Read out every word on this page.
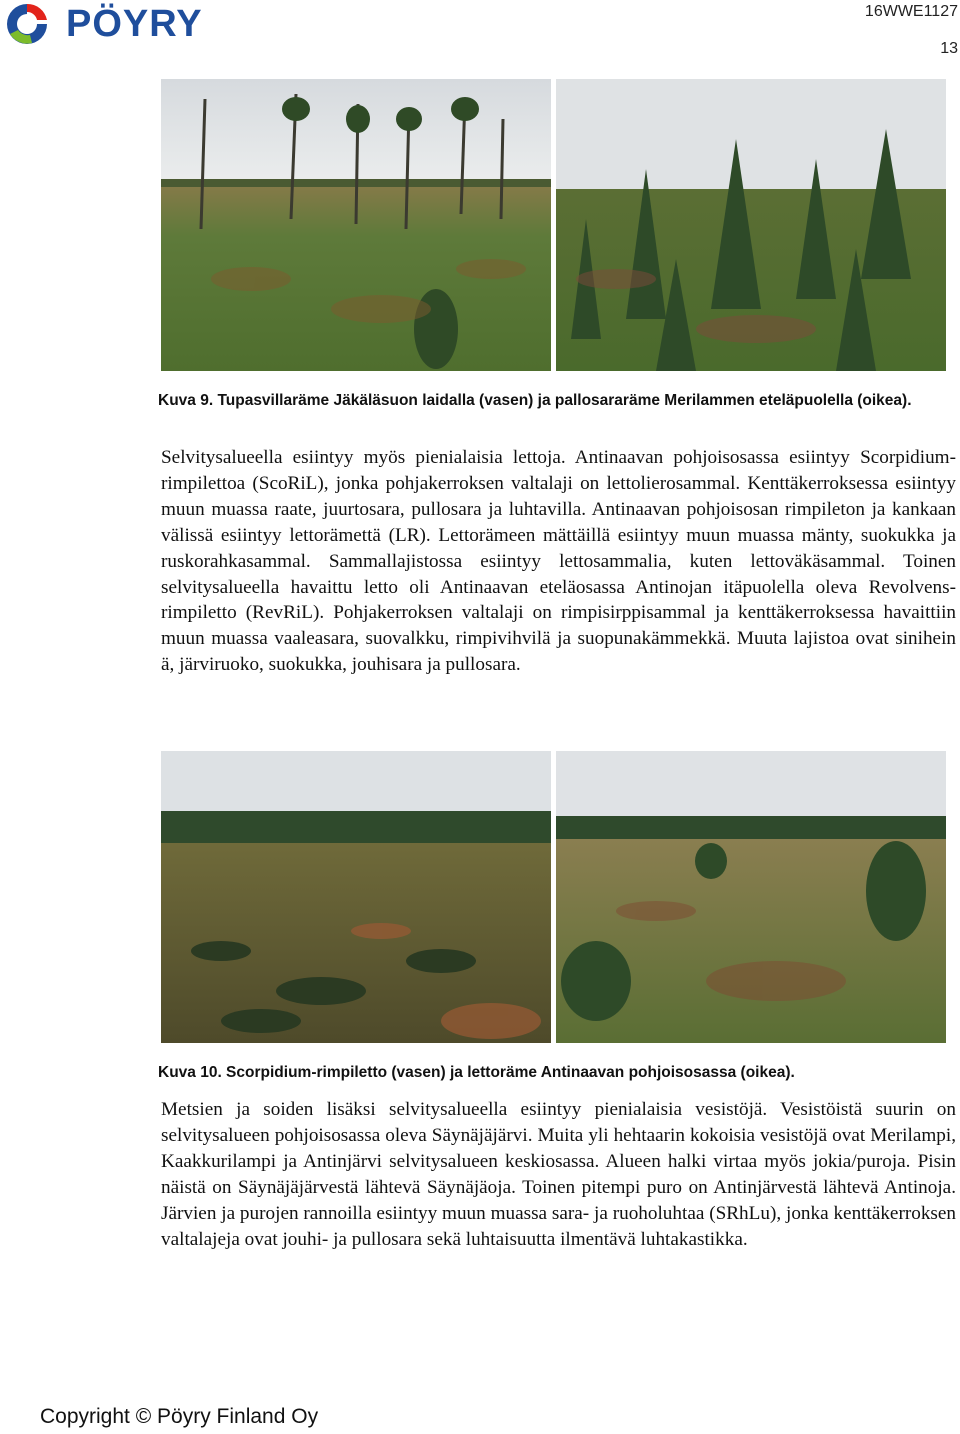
PÖYRY	16WWE1127
13
Kuva 9. Tupasvillaräme Jäkäläsuon laidalla (vasen) ja pallosararäme Merilammen eteläpuolella (oikea).
Selvitysalueella esiintyy myös pienialaisia lettoja. Antinaavan pohjoisosassa esiintyy Scorpidium-rimpilettoa (ScoRiL), jonka pohjakerroksen valtalaji on lettolierosammal. Kenttäkerroksessa esiintyy muun muassa raate, juurtosara, pullosara ja luhtavilla. Antinaavan pohjoisosan rimpileton ja kankaan välissä esiintyy lettorämettä (LR). Lettorämeen mättäillä esiintyy muun muassa mänty, suokukka ja ruskorahkasammal. Sammallajistossa esiintyy lettosammalia, kuten lettoväkäsammal. Toinen selvitysalueella havaittu letto oli Antinaavan eteläosassa Antinojan itäpuolella oleva Revolvens-rimpiletto (RevRiL). Pohjakerroksen valtalaji on rimpisirppisammal ja kenttäkerroksessa havaittiin muun muassa vaaleasara, suovalkku, rimpivihvilä ja suopunakämmekkä. Muuta lajistoa ovat sinihein ä, järviruoko, suokukka, jouhisara ja pullosara.
Kuva 10. Scorpidium-rimpiletto (vasen) ja lettoräme Antinaavan pohjoisosassa (oikea).
Metsien ja soiden lisäksi selvitysalueella esiintyy pienialaisia vesistöjä. Vesistöistä suurin on selvitysalueen pohjoisosassa oleva Säynäjäjärvi. Muita yli hehtaarin kokoisia vesistöjä ovat Merilampi, Kaakkurilampi ja Antinjärvi selvitysalueen keskiosassa. Alueen halki virtaa myös jokia/puroja. Pisin näistä on Säynäjäjärvestä lähtevä Säynäjäoja. Toinen pitempi puro on Antinjärvestä lähtevä Antinoja. Järvien ja purojen rannoilla esiintyy muun muassa sara- ja ruoholuhtaa (SRhLu), jonka kenttäkerroksen valtalajeja ovat jouhi- ja pullosara sekä luhtaisuutta ilmentävä luhtakastikka.
Copyright © Pöyry Finland Oy
